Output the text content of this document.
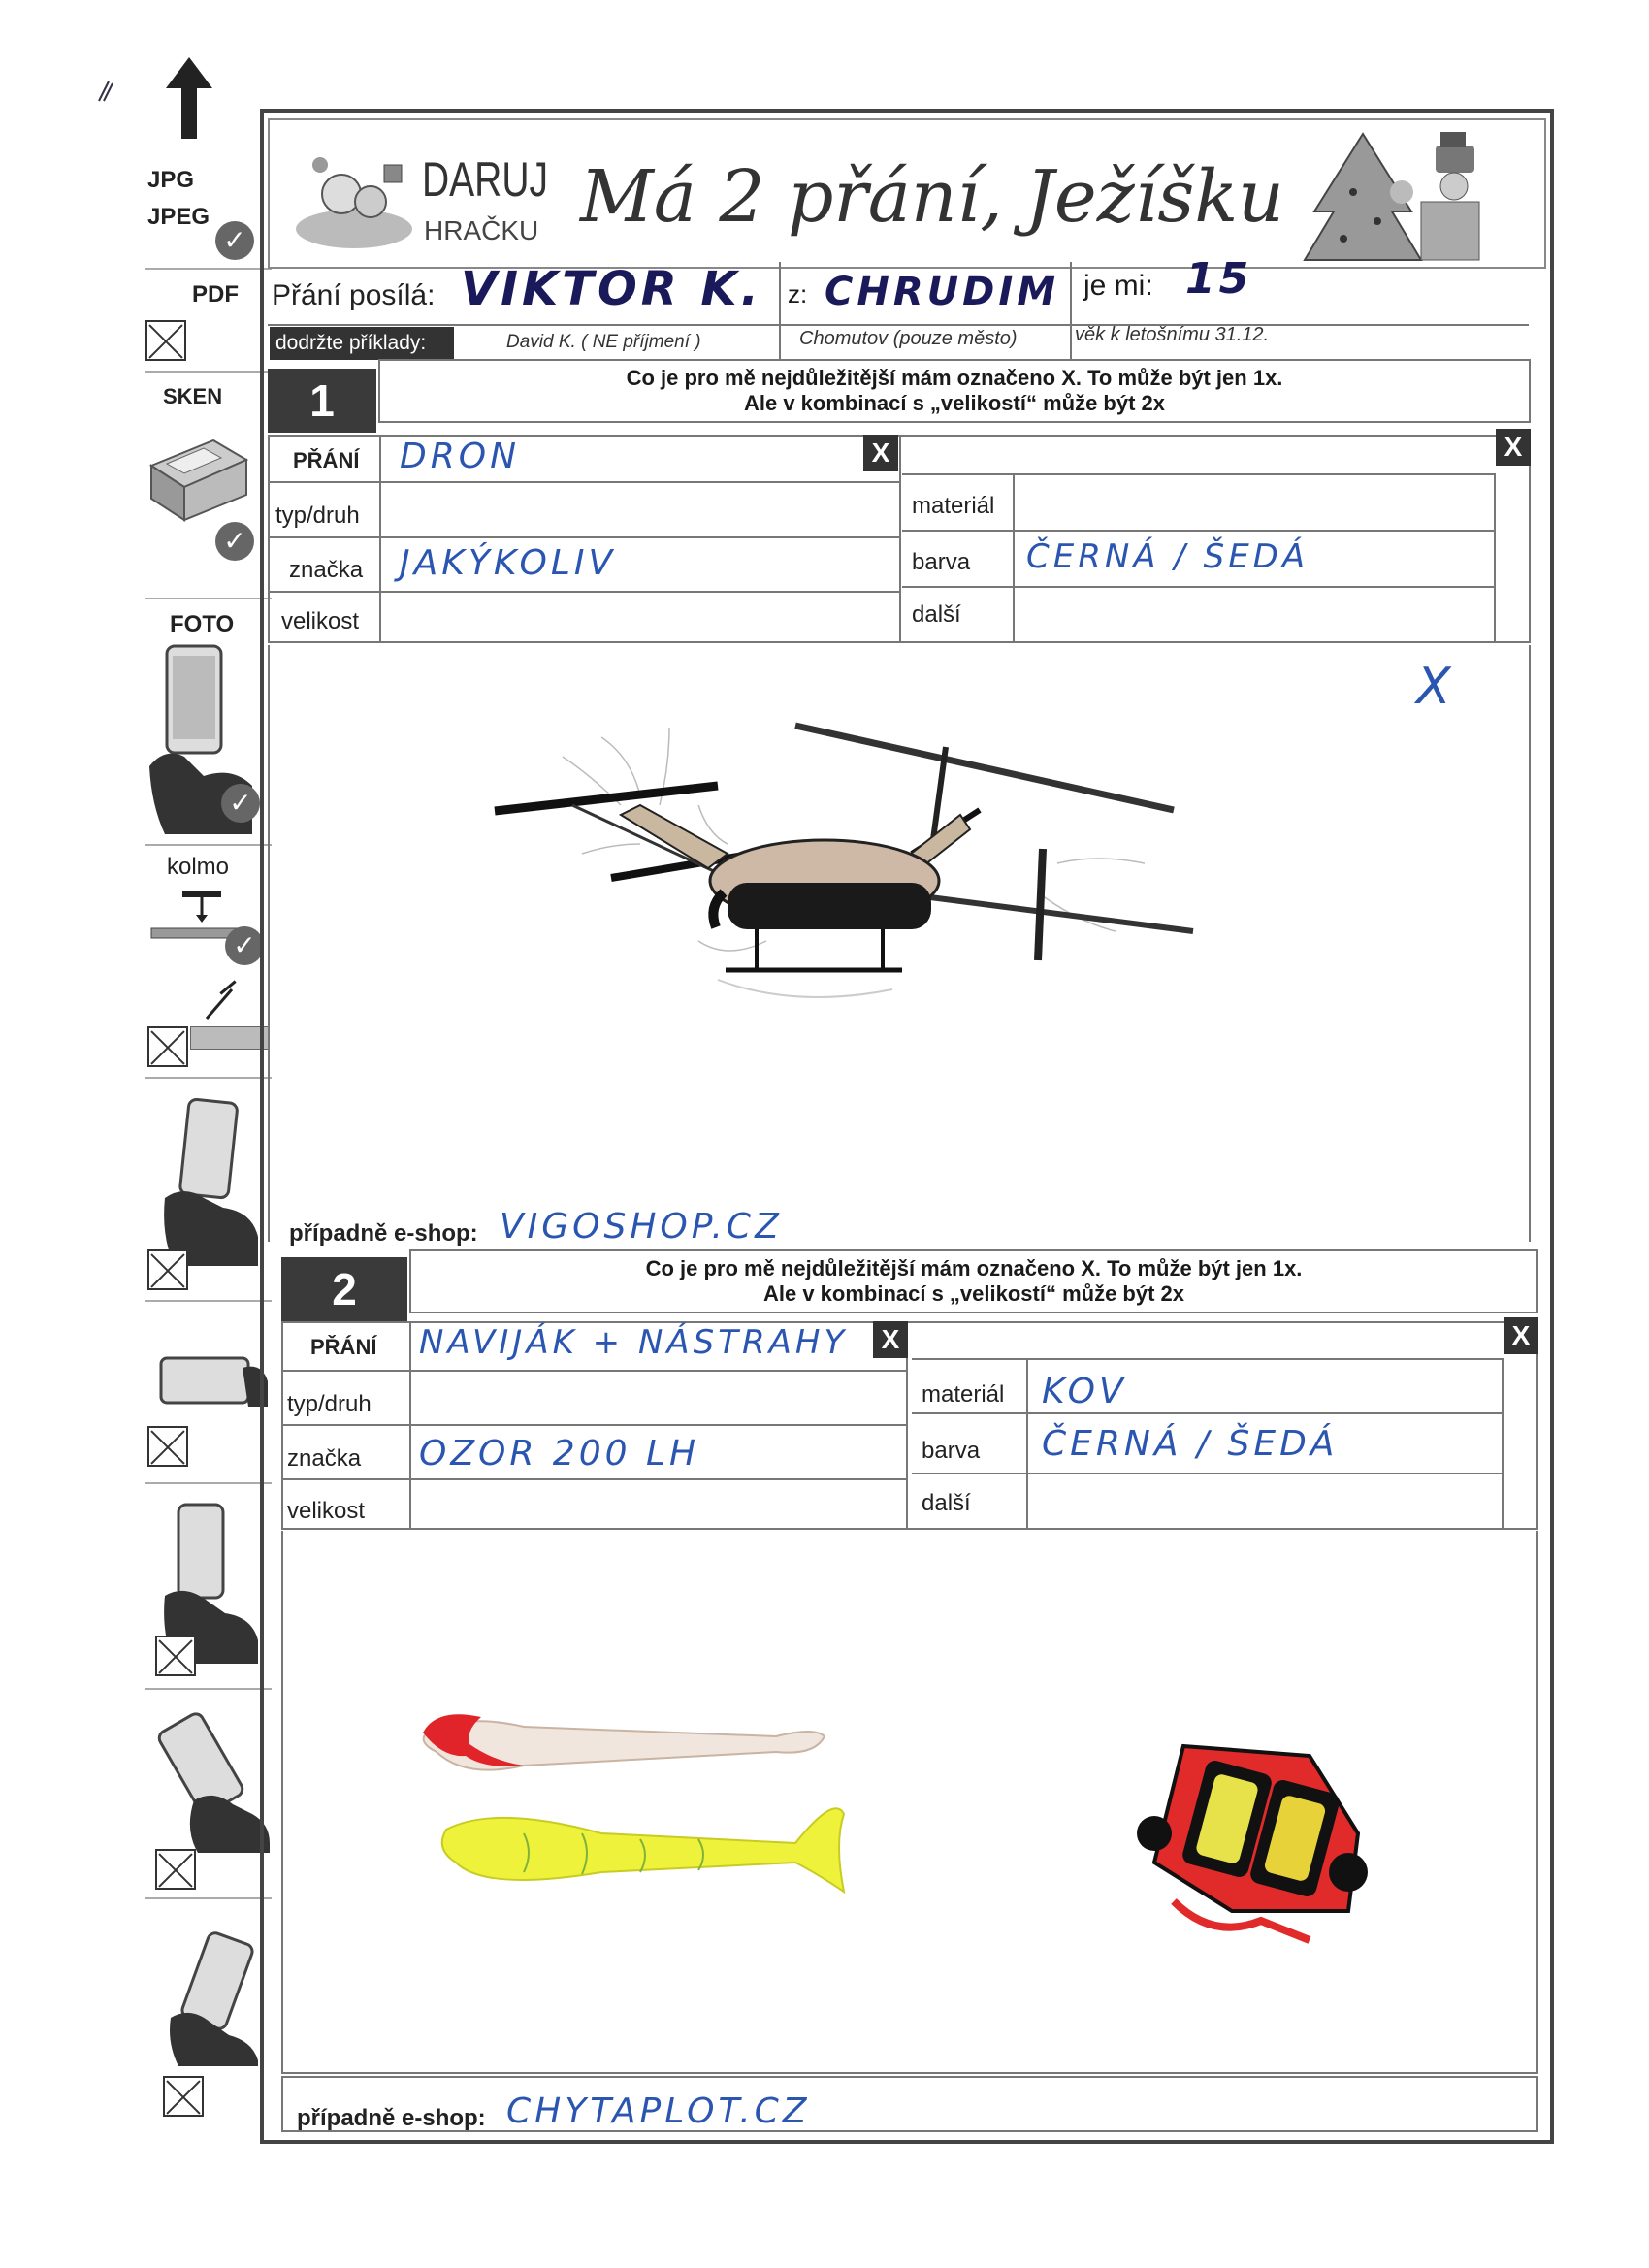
JPG
JPEG
✓
PDF
SKEN
✓
FOTO
✓
kolmo
✓
DARUJ
HRAČKU Má 2 přání, Ježíšku
Přání posílá: VIKTOR K. z: CHRUDIM je mi: 15
dodržte příklady:	David K. ( NE příjmení )	Chomutov (pouze město)	věk k letošnímu 31.12.
1	Co je pro mě nejdůležitější mám označeno X. To může být jen 1x.
Ale v kombinací s „velikostí“ může být 2x
PŘÁNÍ DRON	X
typ/druh
značka JAKÝKOLIV
velikost
X
materiál
barva ČERNÁ / ŠEDÁ
další
X
případně e-shop: VIGOSHOP.CZ
2	Co je pro mě nejdůležitější mám označeno X. To může být jen 1x.
Ale v kombinací s „velikostí“ může být 2x
PŘÁNÍ NAVIJÁK + NÁSTRAHY	X
typ/druh
značka OZOR 200 LH
velikost
X
materiál KOV
barva ČERNÁ / ŠEDÁ
další
případně e-shop: CHYTAPLOT.CZ
